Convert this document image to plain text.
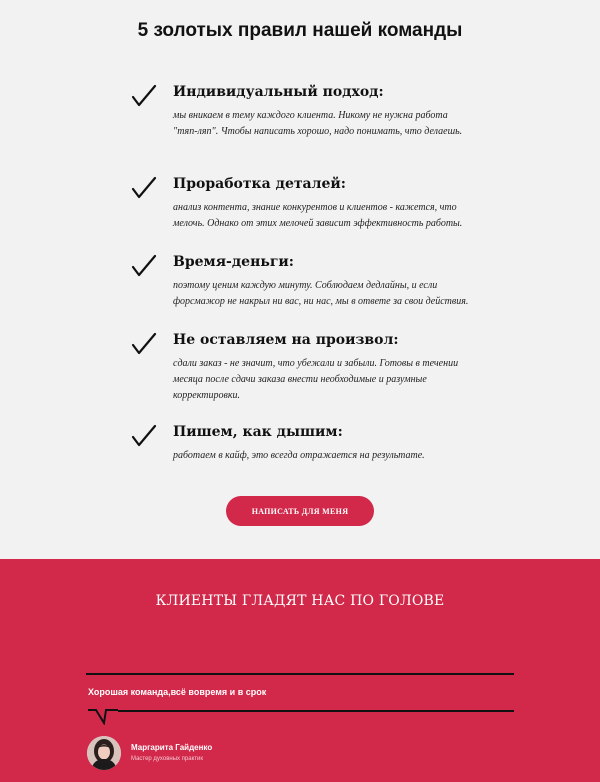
5 золотых правил нашей команды
Индивидуальный подход:
мы вникаем в тему каждого клиента. Никому не нужна работа "тяп-ляп". Чтобы написать хорошо, надо понимать, что делаешь.
Проработка деталей:
анализ контента, знание конкурентов и клиентов - кажется, что мелочь. Однако от этих мелочей зависит эффективность работы.
Время-деньги:
поэтому ценим каждую минуту. Соблюдаем дедлайны, и если форсмажор не накрыл ни вас, ни нас, мы в ответе за свои действия.
Не оставляем на произвол:
сдали заказ - не значит, что убежали и забыли. Готовы в течении месяца после сдачи заказа внести необходимые и разумные корректировки.
Пишем, как дышим:
работаем в кайф, это всегда отражается на результате.
НАПИСАТЬ ДЛЯ МЕНЯ
КЛИЕНТЫ ГЛАДЯТ НАС ПО ГОЛОВЕ
Хорошая команда,всё вовремя и в срок
Маргарита Гайденко
Мастер духовных практик
